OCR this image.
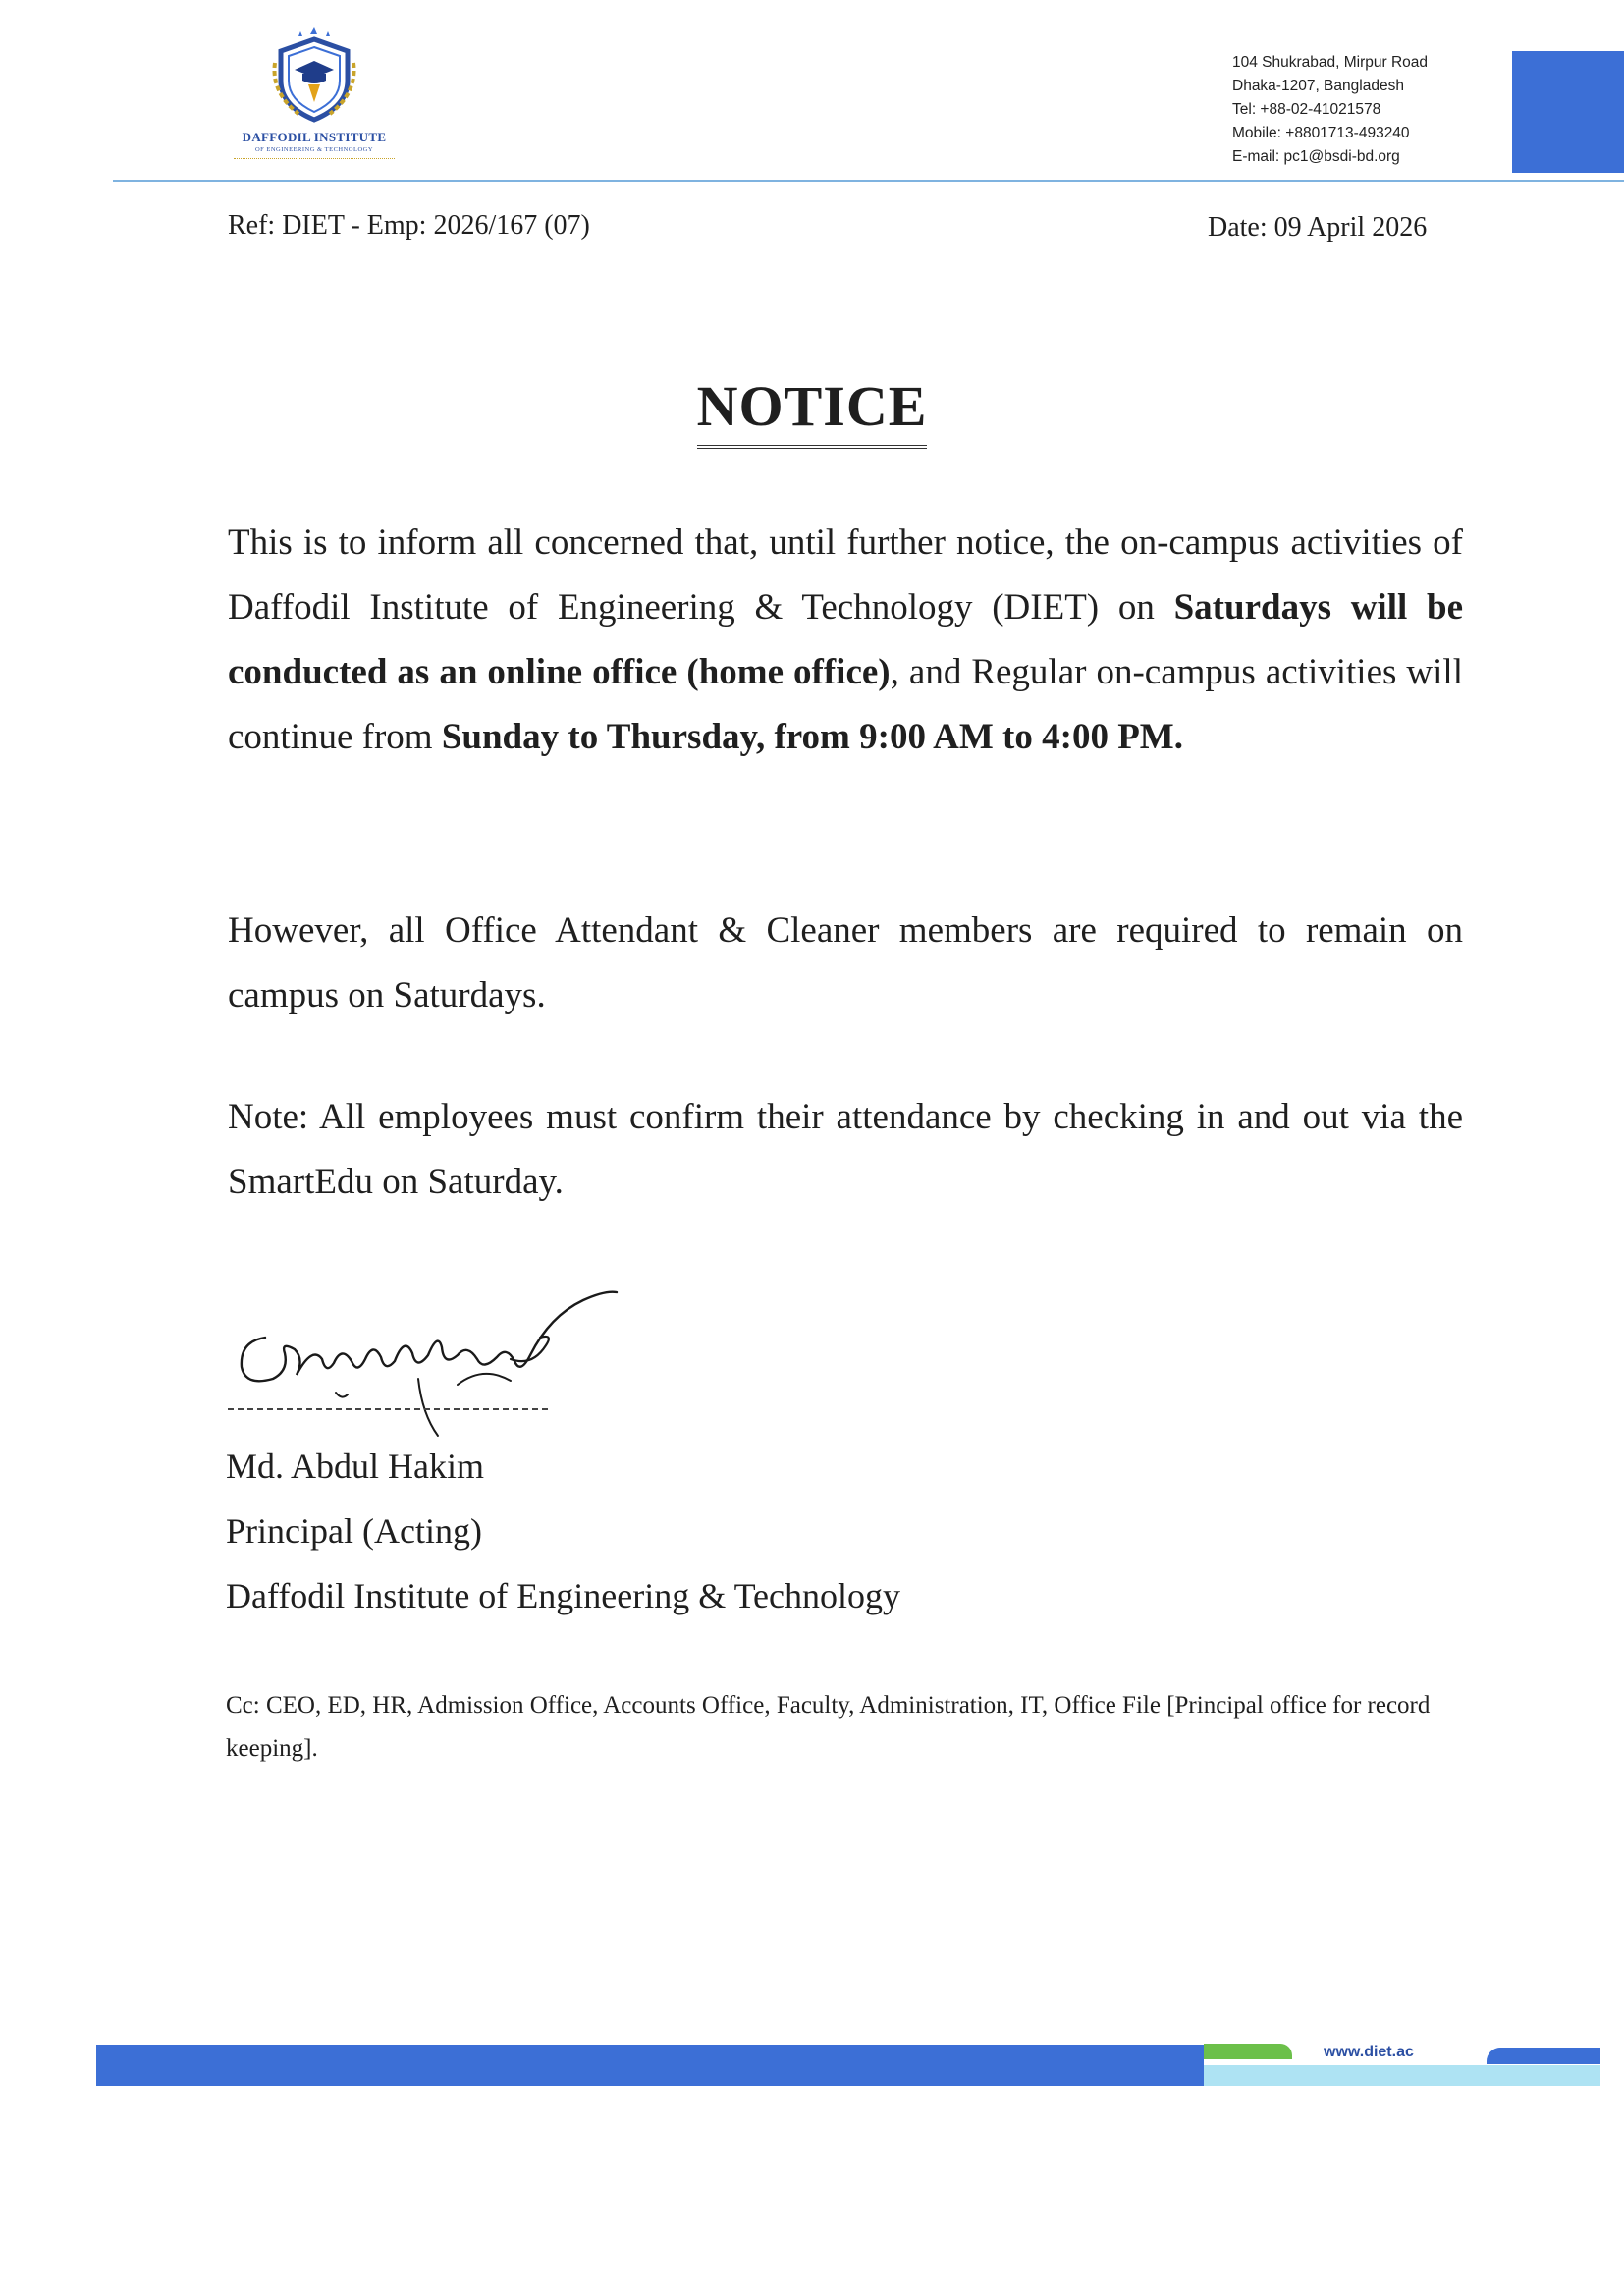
DAFFODIL INSTITUTE
OF ENGINEERING & TECHNOLOGY
104 Shukrabad, Mirpur Road
Dhaka-1207, Bangladesh
Tel: +88-02-41021578
Mobile: +8801713-493240
E-mail: pc1@bsdi-bd.org
Ref: DIET - Emp: 2026/167 (07)	Date: 09 April 2026
NOTICE
This is to inform all concerned that, until further notice, the on-campus activities of Daffodil Institute of Engineering & Technology (DIET) on Saturdays will be conducted as an online office (home office), and Regular on-campus activities will continue from Sunday to Thursday, from 9:00 AM to 4:00 PM.
However, all Office Attendant & Cleaner members are required to remain on campus on Saturdays.
Note: All employees must confirm their attendance by checking in and out via the SmartEdu on Saturday.
Md. Abdul Hakim
Principal (Acting)
Daffodil Institute of Engineering & Technology
Cc: CEO, ED, HR, Admission Office, Accounts Office, Faculty, Administration, IT, Office File [Principal office for record keeping].
www.diet.ac
